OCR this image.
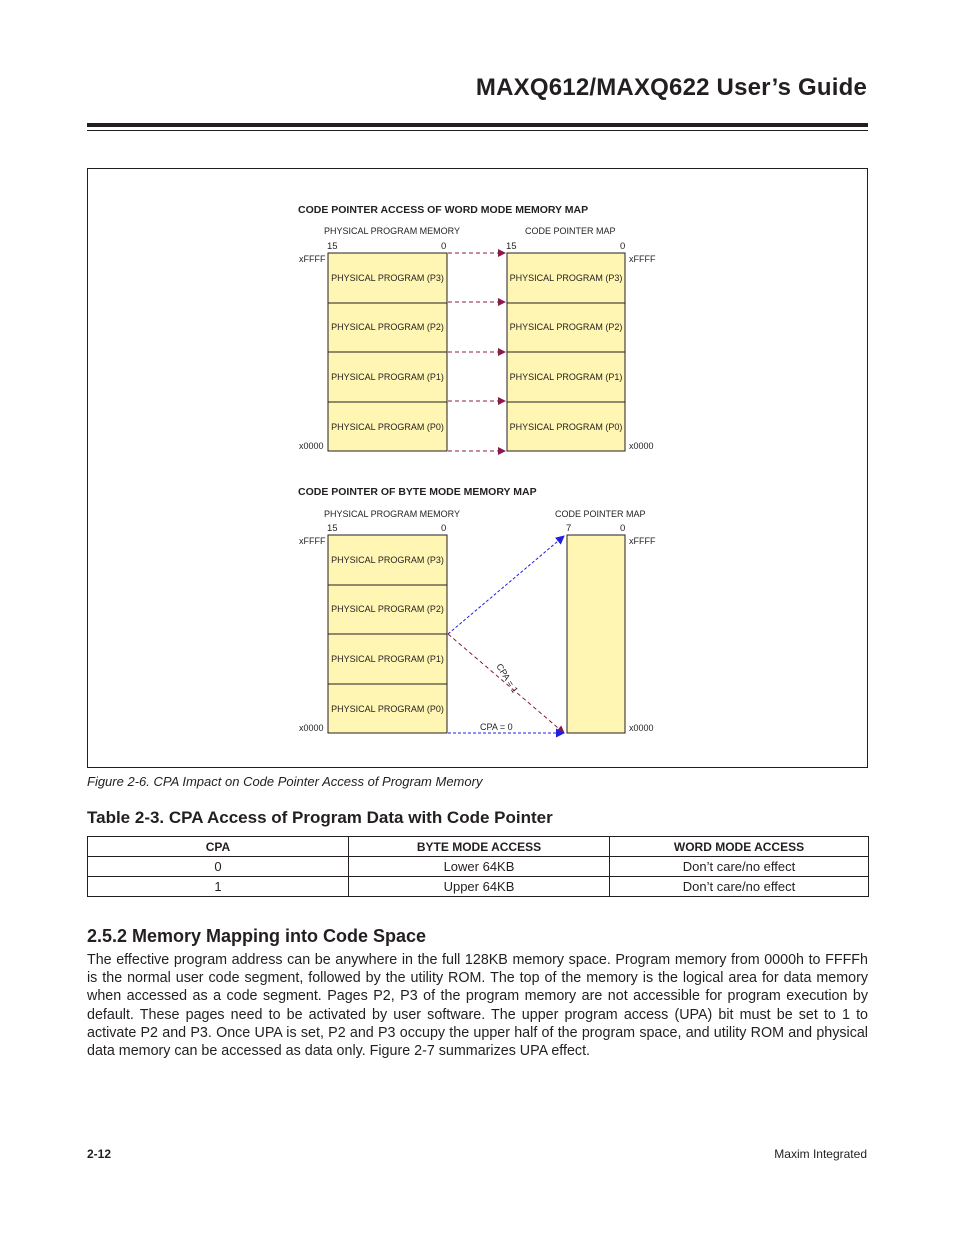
MAXQ612/MAXQ622 User’s Guide
CODE POINTER ACCESS OF WORD MODE MEMORY MAP
PHYSICAL PROGRAM MEMORY	CODE POINTER MAP
15	0	15	0
xFFFF	xFFFF
x0000	x0000
PHYSICAL PROGRAM (P3)
PHYSICAL PROGRAM (P2)
PHYSICAL PROGRAM (P1)
PHYSICAL PROGRAM (P0)
PHYSICAL PROGRAM (P3)
PHYSICAL PROGRAM (P2)
PHYSICAL PROGRAM (P1)
PHYSICAL PROGRAM (P0)
CODE POINTER OF BYTE MODE MEMORY MAP
PHYSICAL PROGRAM MEMORY	CODE POINTER MAP
15	0	7	0
xFFFF	xFFFF
x0000	x0000
PHYSICAL PROGRAM (P3)
PHYSICAL PROGRAM (P2)
PHYSICAL PROGRAM (P1)
PHYSICAL PROGRAM (P0)
CPA = 1
CPA = 0
Figure 2-6. CPA Impact on Code Pointer Access of Program Memory
Table 2-3. CPA Access of Program Data with Code Pointer
CPA	BYTE MODE ACCESS	WORD MODE ACCESS
0	Lower 64KB	Don’t care/no effect
1	Upper 64KB	Don’t care/no effect
2.5.2 Memory Mapping into Code Space
The effective program address can be anywhere in the full 128KB memory space. Program memory from 0000h to FFFFh is the normal user code segment, followed by the utility ROM. The top of the memory is the logical area for data memory when accessed as a code segment. Pages P2, P3 of the program memory are not accessible for program execution by default. These pages need to be activated by user software. The upper program access (UPA) bit must be set to 1 to activate P2 and P3. Once UPA is set, P2 and P3 occupy the upper half of the program space, and utility ROM and physical data memory can be accessed as data only. Figure 2-7 summarizes UPA effect.
2-12	Maxim Integrated
